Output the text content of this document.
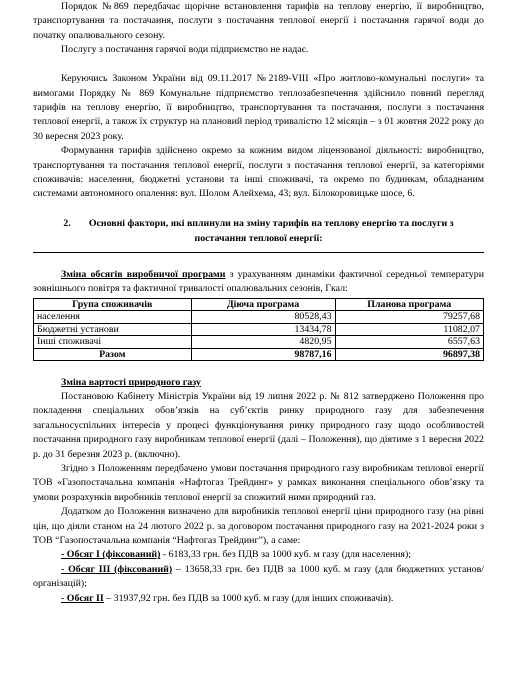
Порядок №869 передбачає щорічне встановлення тарифів на теплову енергію, її виробництво, транспортування та постачання, послуги з постачання теплової енергії і постачання гарячої води до початку опалювального сезону.

Послугу з постачання гарячої води підприємство не надає.

Керуючись Законом України від 09.11.2017 №2189-VIII «Про житлово-комунальні послуги» та вимогами Порядку № 869 Комунальне підприємство теплозабезпечення здійснило повний перегляд тарифів на теплову енергію, її виробництво, транспортування та постачання, послуги з постачання теплової енергії, а також їх структур на плановий період тривалістю 12 місяців – з 01 жовтня 2022 року до 30 вересня 2023 року.

Формування тарифів здійснено окремо за кожним видом ліцензованої діяльності: виробництво, транспортування та постачання теплової енергії, послуги з постачання теплової енергії, за категоріями споживачів: населення, бюджетні установи та інші споживачі, та окремо по будинкам, обладнаним системами автономного опалення: вул. Шолом Алейхема, 43; вул. Білокоровицьке шосе, 6.

2. Основні фактори, які вплинули на зміну тарифів на теплову енергію та послуги з постачання теплової енергії:

Зміна обсягів виробничої програми з урахуванням динаміки фактичної середньої температури зовнішнього повітря та фактичної тривалості опалювальних сезонів, Гкал:

Група споживачів	Діюча програма	Планова програма
населення	80528,43	79257,68
Бюджетні установи	13434,78	11082,07
Інші споживачі	4820,95	6557,63
Разом	98787,16	96897,38

Зміна вартості природного газу

Постановою Кабінету Міністрів України від 19 липня 2022 р. № 812 затверджено Положення про покладення спеціальних обов’язків на суб’єктів ринку природного газу для забезпечення загальносуспільних інтересів у процесі функціонування ринку природного газу щодо особливостей постачання природного газу виробникам теплової енергії (далі – Положення), що діятиме з 1 вересня 2022 р. до 31 березня 2023 р. (включно).

Згідно з Положенням передбачено умови постачання природного газу виробникам теплової енергії ТОВ «Газопостачальна компанія «Нафтогаз Трейдинг» у рамках виконання спеціального обов’язку та умови розрахунків виробників теплової енергії за спожитий ними природний газ.

Додатком до Положення визначено для виробників теплової енергії ціни природного газу (на рівні цін, що діяли станом на 24 лютого 2022 р. за договором постачання природного газу на 2021-2024 роки з ТОВ “Газопостачальна компанія “Нафтогаз Трейдинг”), а саме:

- Обсяг І (фіксований) - 6183,33 грн. без ПДВ за 1000 куб. м газу (для населення);

- Обсяг ІІІ (фіксований) – 13658,33 грн. без ПДВ за 1000 куб. м газу (для бюджетних установ/організацій);

- Обсяг ІІ – 31937,92 грн. без ПДВ за 1000 куб. м газу (для інших споживачів).
